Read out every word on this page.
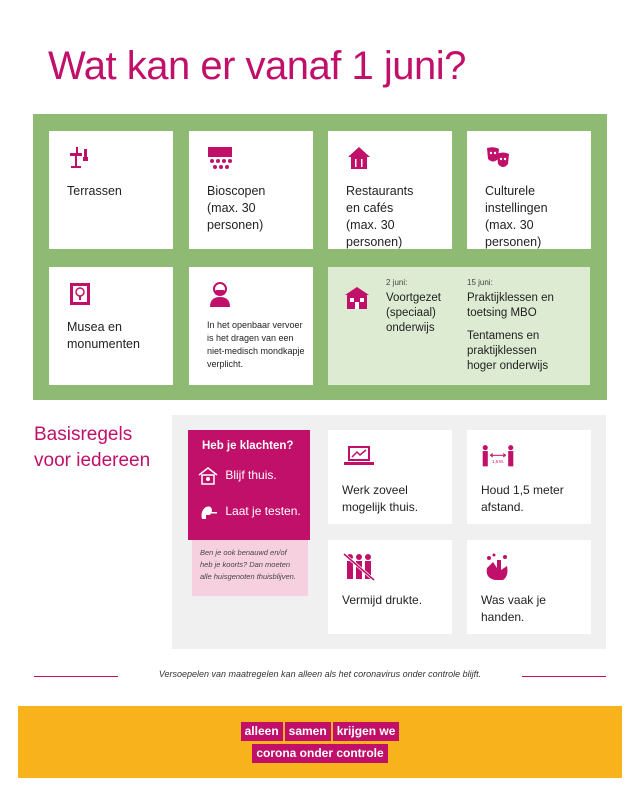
Wat kan er vanaf 1 juni?
Terrassen	Bioscopen
(max. 30 personen)
Restaurants
en cafés
(max. 30 personen)
Culturele
instellingen
(max. 30 personen)
Musea en
monumenten
In het openbaar vervoer
is het dragen van een
niet-medisch mondkapje
verplicht.
2 juni:
Voortgezet
(speciaal)
onderwijs
15 juni:
Praktijklessen en
toetsing MBO
Tentamens en
praktijklessen
hoger onderwijs
Basisregels
voor iedereen
Heb je klachten?
Blijf thuis.
Laat je testen.
Ben je ook benauwd en/of
heb je koorts? Dan moeten
alle huisgenoten thuisblijven.
Werk zoveel
mogelijk thuis.
1,5 M.
Houd 1,5 meter
afstand.
Vermijd drukte.	Was vaak je
handen.
Versoepelen van maatregelen kan alleen als het coronavirus onder controle blijft.
alleen samen krijgen we
corona onder controle
